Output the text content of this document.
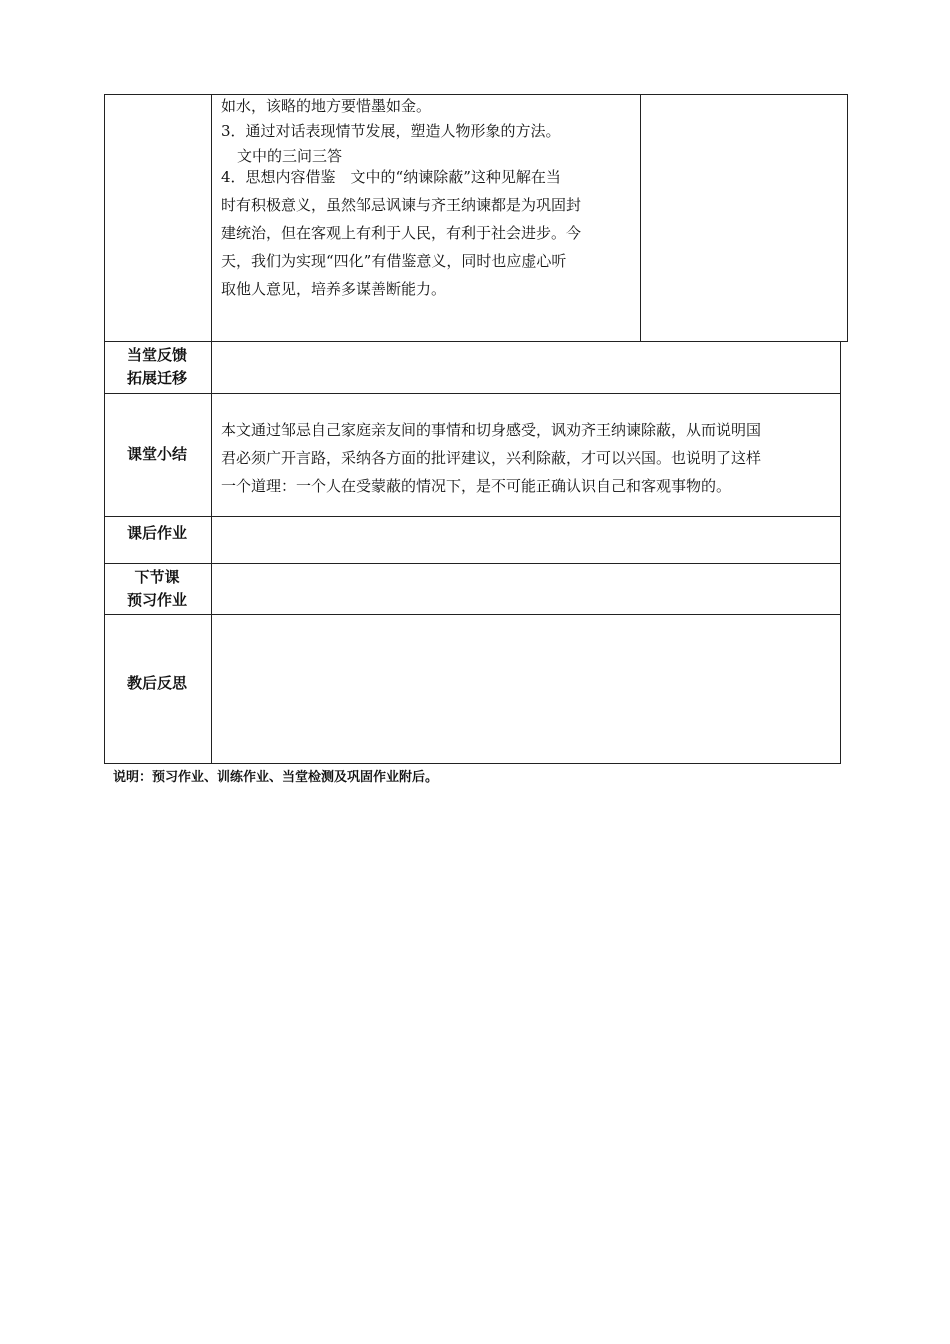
如水，该略的地方要惜墨如金。
3．通过对话表现情节发展，塑造人物形象的方法。
文中的三问三答
4．思想内容借鉴　文中的“纳谏除蔽”这种见解在当
时有积极意义，虽然邹忌讽谏与齐王纳谏都是为巩固封
建统治，但在客观上有利于人民，有利于社会进步。今
天，我们为实现“四化”有借鉴意义，同时也应虚心听
取他人意见，培养多谋善断能力。
当堂反馈
拓展迁移
课堂小结
本文通过邹忌自己家庭亲友间的事情和切身感受，讽劝齐王纳谏除蔽，从而说明国
君必须广开言路，采纳各方面的批评建议，兴利除蔽，才可以兴国。也说明了这样
一个道理：一个人在受蒙蔽的情况下，是不可能正确认识自己和客观事物的。
课后作业
下节课
预习作业
教后反思
说明：预习作业、训练作业、当堂检测及巩固作业附后。
